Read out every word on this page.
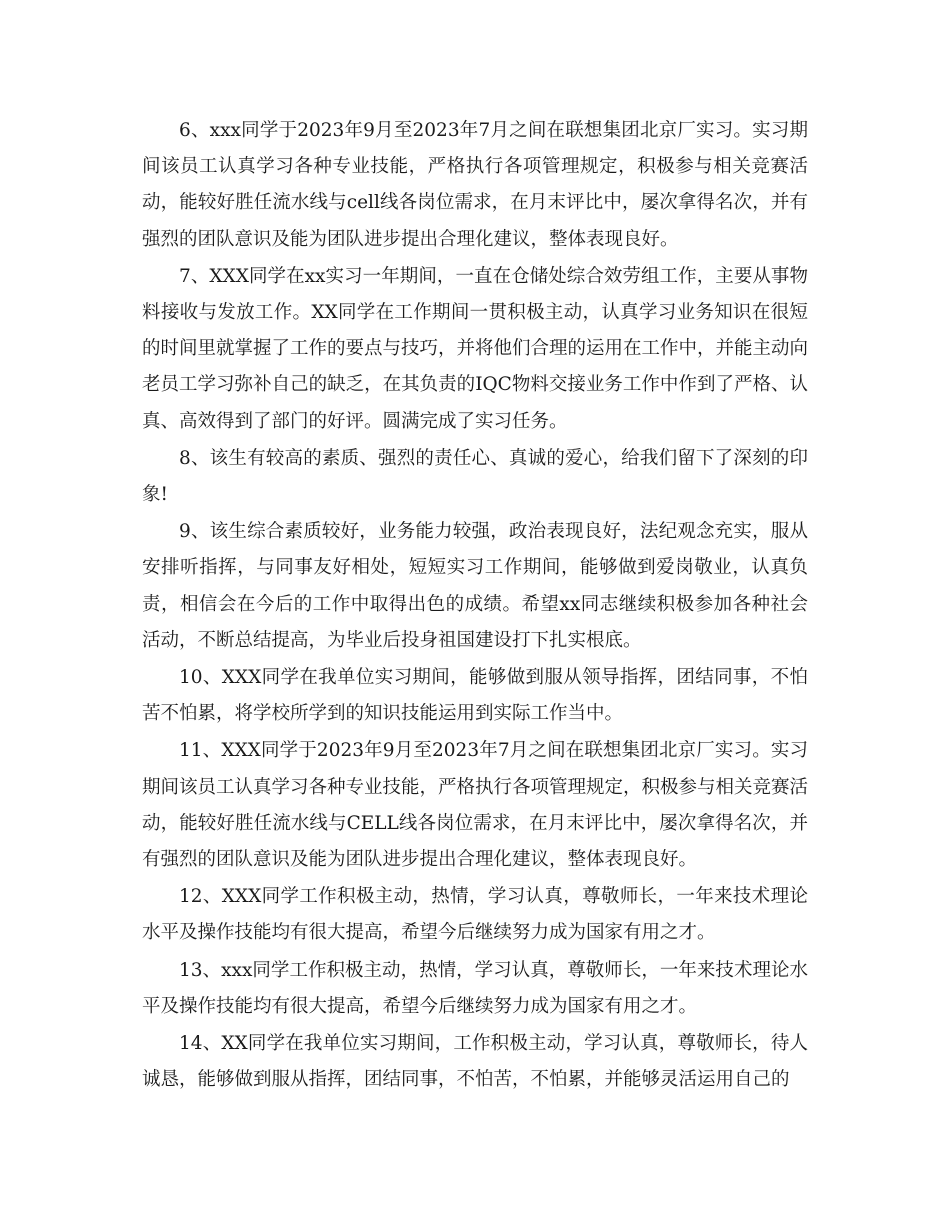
6、xxx同学于2023年9月至2023年7月之间在联想集团北京厂实习。实习期间该员工认真学习各种专业技能，严格执行各项管理规定，积极参与相关竞赛活动，能较好胜任流水线与cell线各岗位需求，在月末评比中，屡次拿得名次，并有强烈的团队意识及能为团队进步提出合理化建议，整体表现良好。

7、XXX同学在xx实习一年期间，一直在仓储处综合效劳组工作，主要从事物料接收与发放工作。XX同学在工作期间一贯积极主动，认真学习业务知识在很短的时间里就掌握了工作的要点与技巧，并将他们合理的运用在工作中，并能主动向老员工学习弥补自己的缺乏，在其负责的IQC物料交接业务工作中作到了严格、认真、高效得到了部门的好评。圆满完成了实习任务。

8、该生有较高的素质、强烈的责任心、真诚的爱心，给我们留下了深刻的印象!

9、该生综合素质较好，业务能力较强，政治表现良好，法纪观念充实，服从安排听指挥，与同事友好相处，短短实习工作期间，能够做到爱岗敬业，认真负责，相信会在今后的工作中取得出色的成绩。希望xx同志继续积极参加各种社会活动，不断总结提高，为毕业后投身祖国建设打下扎实根底。

10、XXX同学在我单位实习期间，能够做到服从领导指挥，团结同事，不怕苦不怕累，将学校所学到的知识技能运用到实际工作当中。

11、XXX同学于2023年9月至2023年7月之间在联想集团北京厂实习。实习期间该员工认真学习各种专业技能，严格执行各项管理规定，积极参与相关竞赛活动，能较好胜任流水线与CELL线各岗位需求，在月末评比中，屡次拿得名次，并有强烈的团队意识及能为团队进步提出合理化建议，整体表现良好。

12、XXX同学工作积极主动，热情，学习认真，尊敬师长，一年来技术理论水平及操作技能均有很大提高，希望今后继续努力成为国家有用之才。

13、xxx同学工作积极主动，热情，学习认真，尊敬师长，一年来技术理论水平及操作技能均有很大提高，希望今后继续努力成为国家有用之才。

14、XX同学在我单位实习期间，工作积极主动，学习认真，尊敬师长，待人诚恳，能够做到服从指挥，团结同事，不怕苦，不怕累，并能够灵活运用自己的
